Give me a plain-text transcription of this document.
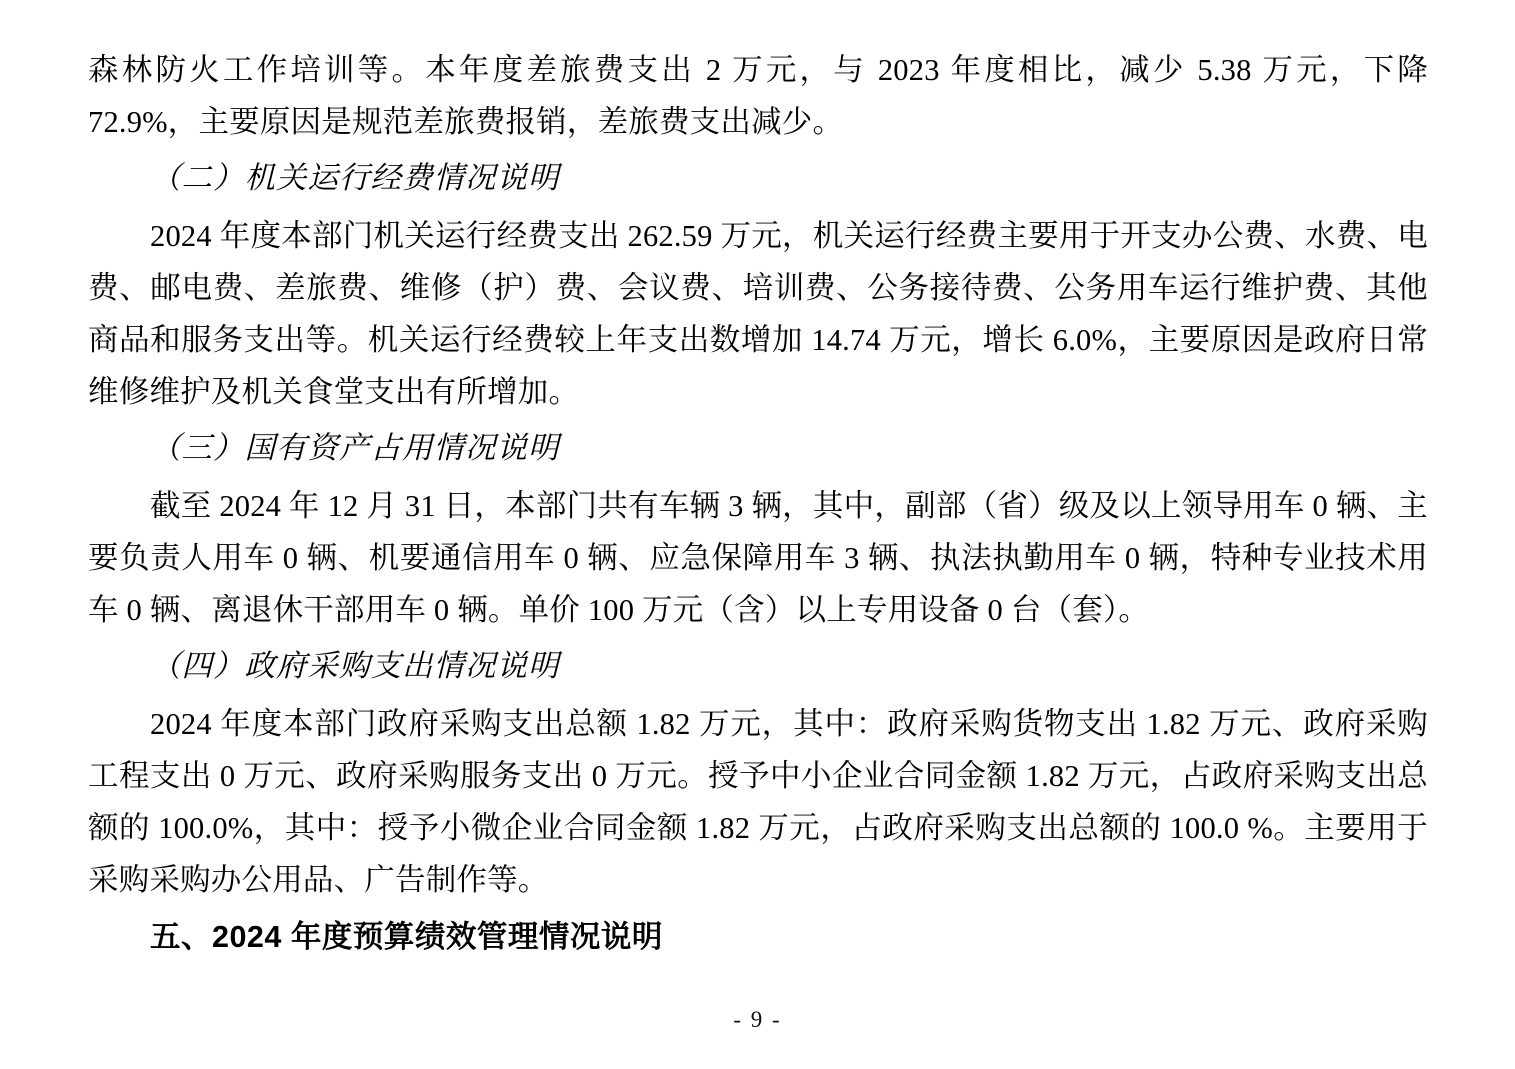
森林防火工作培训等。本年度差旅费支出 2 万元，与 2023 年度相比，减少 5.38 万元，下降 72.9%，主要原因是规范差旅费报销，差旅费支出减少。

（二）机关运行经费情况说明

2024 年度本部门机关运行经费支出 262.59 万元，机关运行经费主要用于开支办公费、水费、电费、邮电费、差旅费、维修（护）费、会议费、培训费、公务接待费、公务用车运行维护费、其他商品和服务支出等。机关运行经费较上年支出数增加 14.74 万元，增长 6.0%，主要原因是政府日常维修维护及机关食堂支出有所增加。

（三）国有资产占用情况说明

截至 2024 年 12 月 31 日，本部门共有车辆 3 辆，其中，副部（省）级及以上领导用车 0 辆、主要负责人用车 0 辆、机要通信用车 0 辆、应急保障用车 3 辆、执法执勤用车 0 辆，特种专业技术用车 0 辆、离退休干部用车 0 辆。单价 100 万元（含）以上专用设备 0 台（套）。

（四）政府采购支出情况说明

2024 年度本部门政府采购支出总额 1.82 万元，其中：政府采购货物支出 1.82 万元、政府采购工程支出 0 万元、政府采购服务支出 0 万元。授予中小企业合同金额 1.82 万元，占政府采购支出总额的 100.0%，其中：授予小微企业合同金额 1.82 万元，占政府采购支出总额的 100.0 %。主要用于采购采购办公用品、广告制作等。

五、2024 年度预算绩效管理情况说明

- 9 -
